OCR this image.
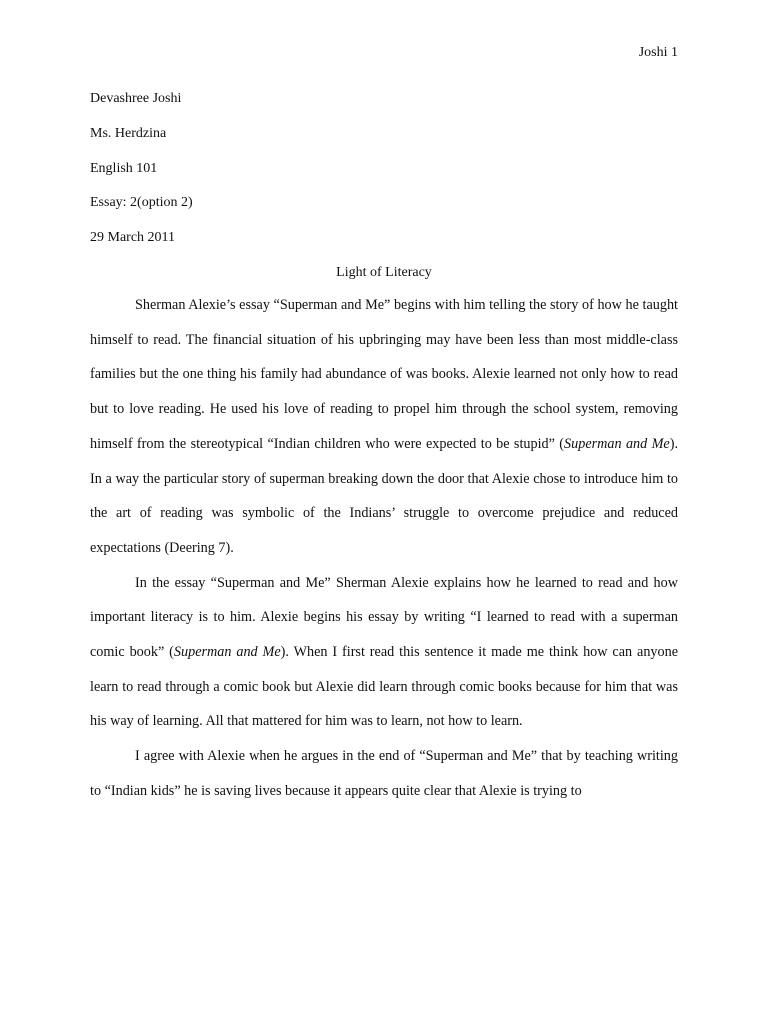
Joshi 1
Devashree Joshi
Ms. Herdzina
English 101
Essay: 2(option 2)
29 March 2011
Light of Literacy

Sherman Alexie’s essay “Superman and Me” begins with him telling the story of how he taught himself to read. The financial situation of his upbringing may have been less than most middle-class families but the one thing his family had abundance of was books. Alexie learned not only how to read but to love reading. He used his love of reading to propel him through the school system, removing himself from the stereotypical “Indian children who were expected to be stupid” (Superman and Me). In a way the particular story of superman breaking down the door that Alexie chose to introduce him to the art of reading was symbolic of the Indians’ struggle to overcome prejudice and reduced expectations (Deering 7).

In the essay “Superman and Me” Sherman Alexie explains how he learned to read and how important literacy is to him. Alexie begins his essay by writing “I learned to read with a superman comic book” (Superman and Me). When I first read this sentence it made me think how can anyone learn to read through a comic book but Alexie did learn through comic books because for him that was his way of learning. All that mattered for him was to learn, not how to learn.

I agree with Alexie when he argues in the end of “Superman and Me” that by teaching writing to “Indian kids” he is saving lives because it appears quite clear that Alexie is trying to
